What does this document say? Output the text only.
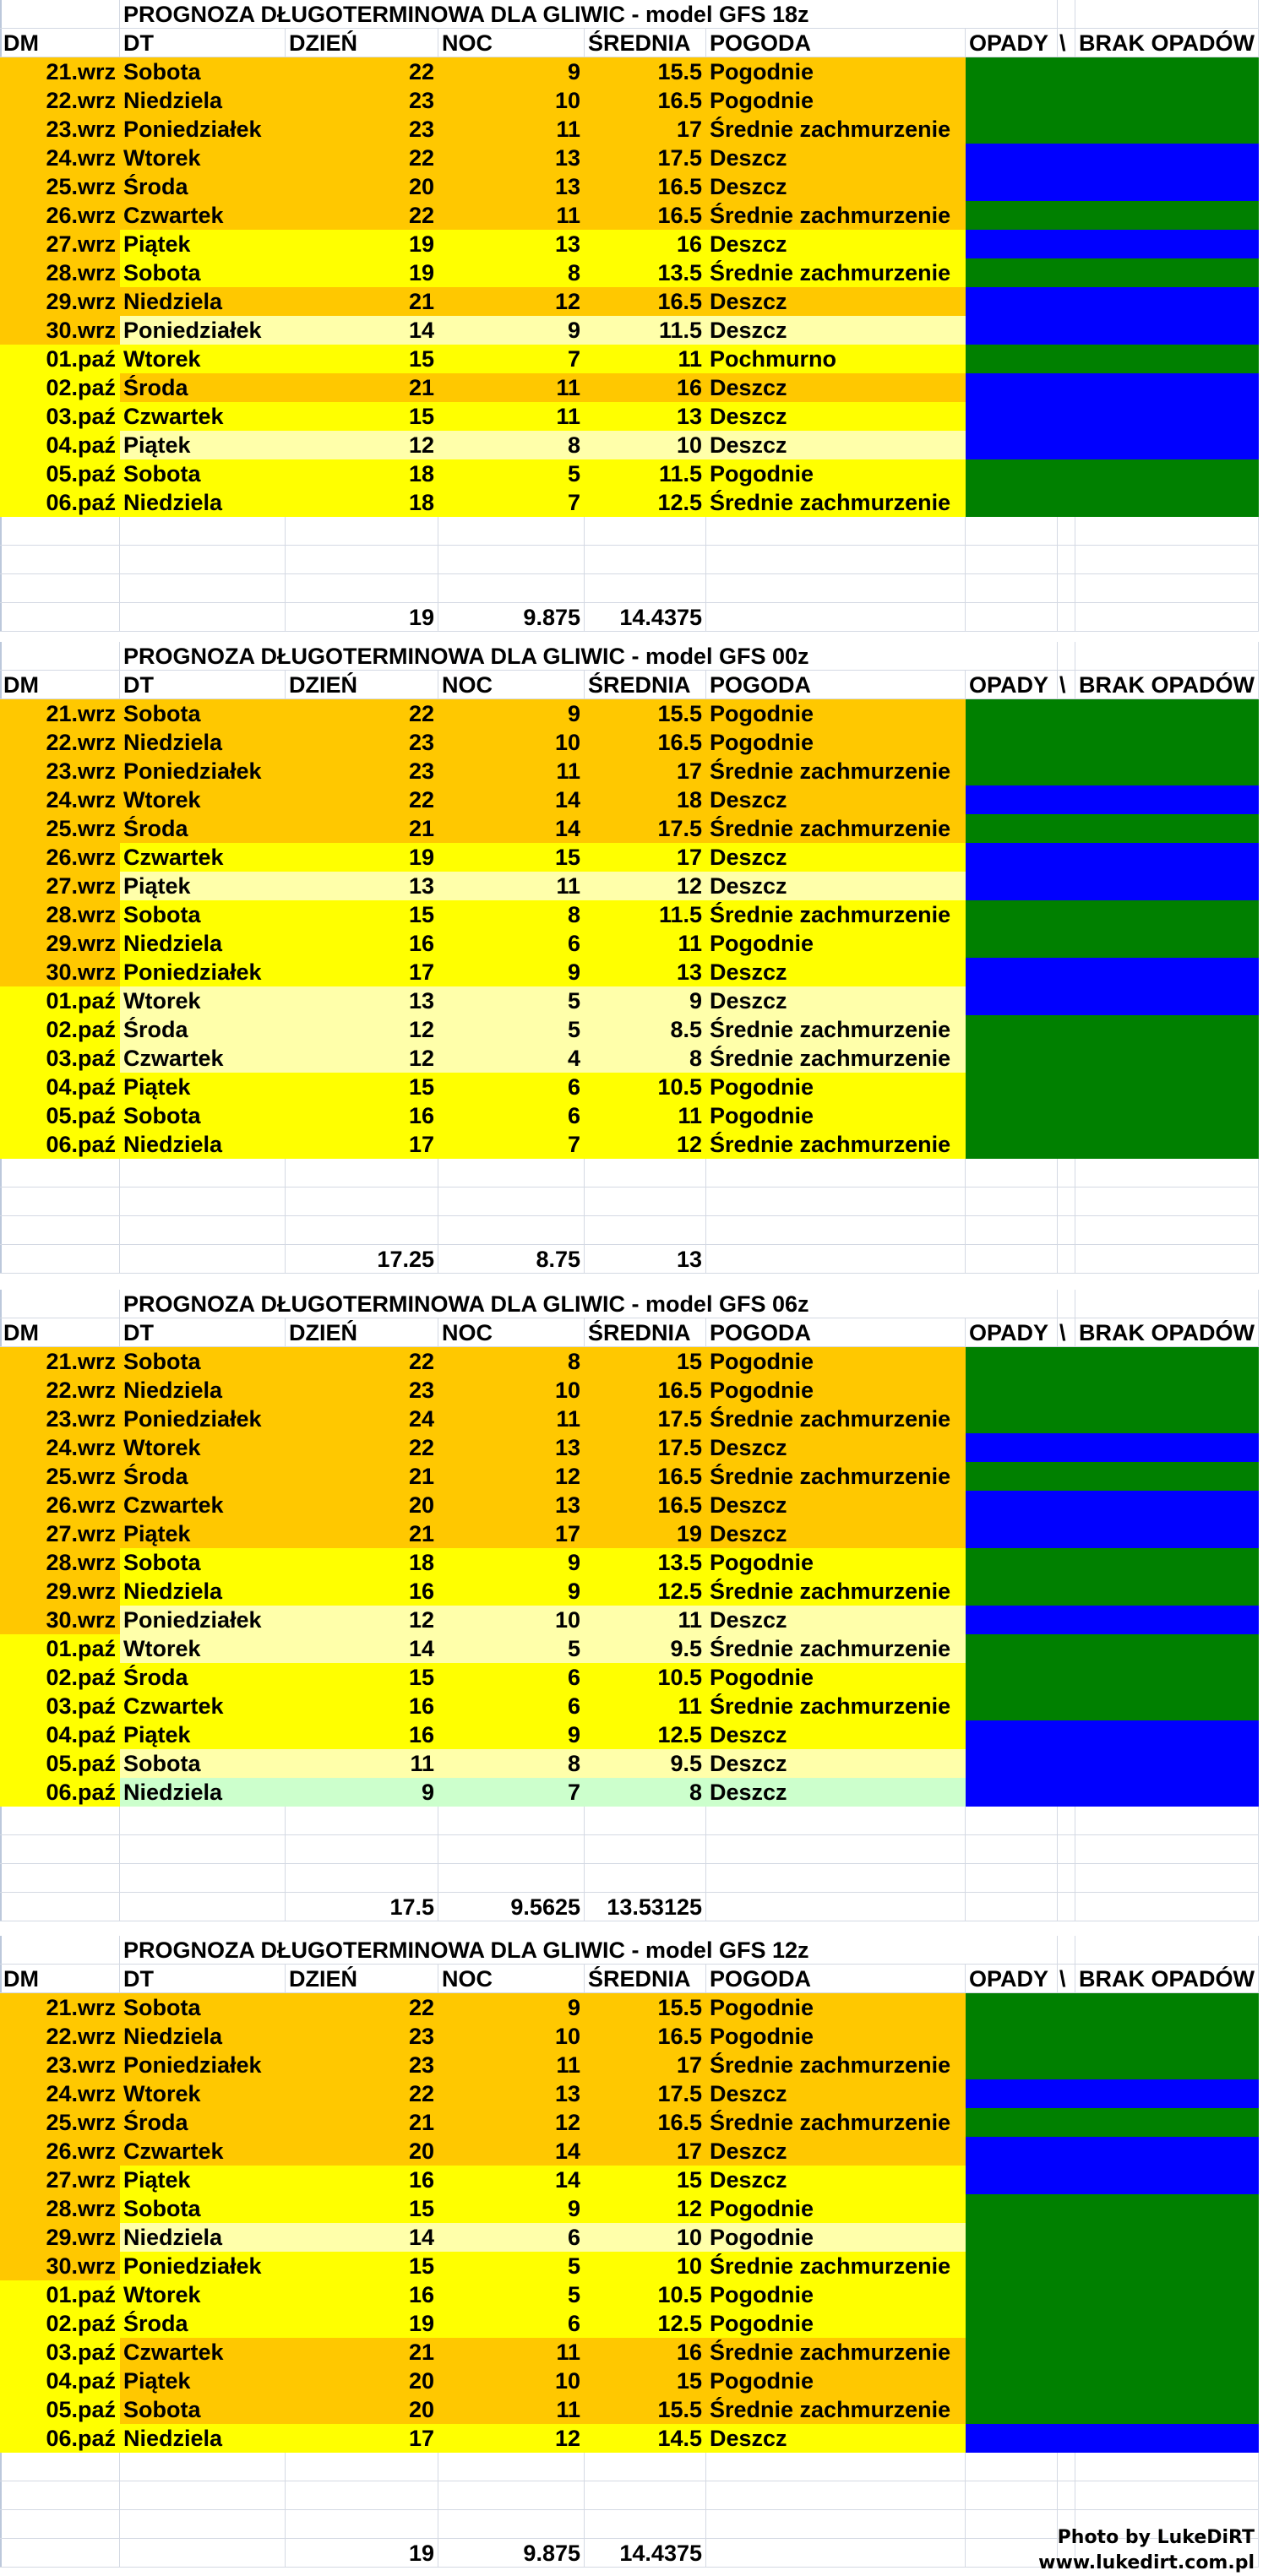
PROGNOZA DŁUGOTERMINOWA DLA GLIWIC - model GFS 18z
DM	DT	DZIEŃ	NOC	ŚREDNIA POGODA	OPADY \ BRAK OPADÓW
21.wrz Sobota	22	9	15.5 Pogodnie
22.wrz Niedziela	23	10	16.5 Pogodnie
23.wrz Poniedziałek	23	11	17 Średnie zachmurzenie
24.wrz Wtorek	22	13	17.5 Deszcz
25.wrz Środa	20	13	16.5 Deszcz
26.wrz Czwartek	22	11	16.5 Średnie zachmurzenie
27.wrz Piątek	19	13	16 Deszcz
28.wrz Sobota	19	8	13.5 Średnie zachmurzenie
29.wrz Niedziela	21	12	16.5 Deszcz
30.wrz Poniedziałek	14	9	11.5 Deszcz
01.paź Wtorek	15	7	11 Pochmurno
02.paź Środa	21	11	16 Deszcz
03.paź Czwartek	15	11	13 Deszcz
04.paź Piątek	12	8	10 Deszcz
05.paź Sobota	18	5	11.5 Pogodnie
06.paź Niedziela	18	7	12.5 Średnie zachmurzenie
19	9.875	14.4375
PROGNOZA DŁUGOTERMINOWA DLA GLIWIC - model GFS 00z
DM	DT	DZIEŃ	NOC	ŚREDNIA POGODA	OPADY \ BRAK OPADÓW
21.wrz Sobota	22	9	15.5 Pogodnie
22.wrz Niedziela	23	10	16.5 Pogodnie
23.wrz Poniedziałek	23	11	17 Średnie zachmurzenie
24.wrz Wtorek	22	14	18 Deszcz
25.wrz Środa	21	14	17.5 Średnie zachmurzenie
26.wrz Czwartek	19	15	17 Deszcz
27.wrz Piątek	13	11	12 Deszcz
28.wrz Sobota	15	8	11.5 Średnie zachmurzenie
29.wrz Niedziela	16	6	11 Pogodnie
30.wrz Poniedziałek	17	9	13 Deszcz
01.paź Wtorek	13	5	9 Deszcz
02.paź Środa	12	5	8.5 Średnie zachmurzenie
03.paź Czwartek	12	4	8 Średnie zachmurzenie
04.paź Piątek	15	6	10.5 Pogodnie
05.paź Sobota	16	6	11 Pogodnie
06.paź Niedziela	17	7	12 Średnie zachmurzenie
17.25	8.75	13
PROGNOZA DŁUGOTERMINOWA DLA GLIWIC - model GFS 06z
DM	DT	DZIEŃ	NOC	ŚREDNIA POGODA	OPADY \ BRAK OPADÓW
21.wrz Sobota	22	8	15 Pogodnie
22.wrz Niedziela	23	10	16.5 Pogodnie
23.wrz Poniedziałek	24	11	17.5 Średnie zachmurzenie
24.wrz Wtorek	22	13	17.5 Deszcz
25.wrz Środa	21	12	16.5 Średnie zachmurzenie
26.wrz Czwartek	20	13	16.5 Deszcz
27.wrz Piątek	21	17	19 Deszcz
28.wrz Sobota	18	9	13.5 Pogodnie
29.wrz Niedziela	16	9	12.5 Średnie zachmurzenie
30.wrz Poniedziałek	12	10	11 Deszcz
01.paź Wtorek	14	5	9.5 Średnie zachmurzenie
02.paź Środa	15	6	10.5 Pogodnie
03.paź Czwartek	16	6	11 Średnie zachmurzenie
04.paź Piątek	16	9	12.5 Deszcz
05.paź Sobota	11	8	9.5 Deszcz
06.paź Niedziela	9	7	8 Deszcz
17.5	9.5625	13.53125
PROGNOZA DŁUGOTERMINOWA DLA GLIWIC - model GFS 12z
DM	DT	DZIEŃ	NOC	ŚREDNIA POGODA	OPADY \ BRAK OPADÓW
21.wrz Sobota	22	9	15.5 Pogodnie
22.wrz Niedziela	23	10	16.5 Pogodnie
23.wrz Poniedziałek	23	11	17 Średnie zachmurzenie
24.wrz Wtorek	22	13	17.5 Deszcz
25.wrz Środa	21	12	16.5 Średnie zachmurzenie
26.wrz Czwartek	20	14	17 Deszcz
27.wrz Piątek	16	14	15 Deszcz
28.wrz Sobota	15	9	12 Pogodnie
29.wrz Niedziela	14	6	10 Pogodnie
30.wrz Poniedziałek	15	5	10 Średnie zachmurzenie
01.paź Wtorek	16	5	10.5 Pogodnie
02.paź Środa	19	6	12.5 Pogodnie
03.paź Czwartek	21	11	16 Średnie zachmurzenie
04.paź Piątek	20	10	15 Pogodnie
05.paź Sobota	20	11	15.5 Średnie zachmurzenie
06.paź Niedziela	17	12	14.5 Deszcz
19	9.875	14.4375
Photo by LukeDiRT
www.lukedirt.com.pl
